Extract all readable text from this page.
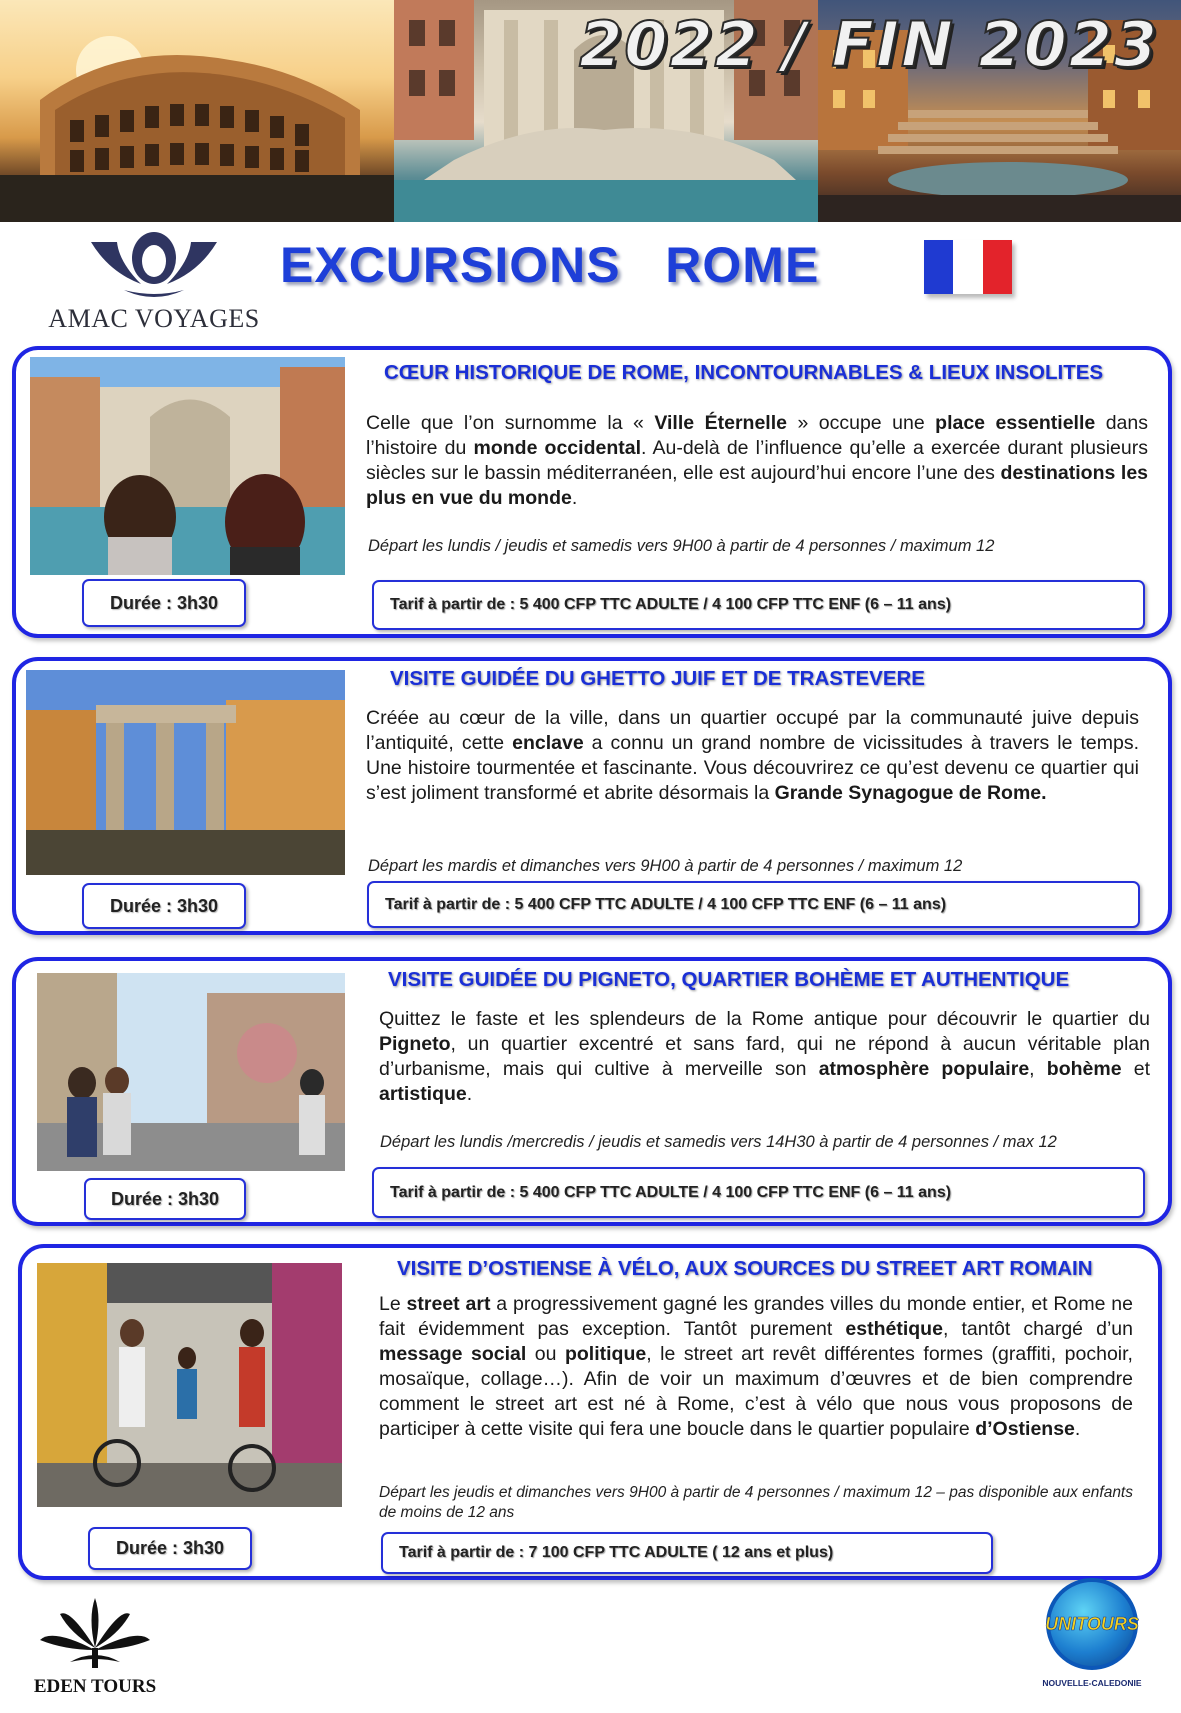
2022 / FIN 2023
AMAC VOYAGES
EXCURSIONS   ROME
CŒUR HISTORIQUE DE ROME, INCONTOURNABLES & LIEUX INSOLITES
Celle que l’on surnomme la « Ville Éternelle » occupe une place essentielle dans l’histoire du monde occidental. Au-delà de l’influence qu’elle a exercée durant plusieurs siècles sur le bassin méditerranéen, elle est aujourd’hui encore l’une des destinations les plus en vue du monde.
Départ les lundis / jeudis et samedis vers 9H00 à partir de 4 personnes / maximum 12
Durée : 3h30	Tarif à partir de : 5 400 CFP TTC ADULTE / 4 100 CFP TTC ENF (6 – 11 ans)
VISITE GUIDÉE DU GHETTO JUIF ET DE TRASTEVERE
Créée au cœur de la ville, dans un quartier occupé par la communauté juive depuis l’antiquité, cette enclave a connu un grand nombre de vicissitudes à travers le temps. Une histoire tourmentée et fascinante. Vous découvrirez ce qu’est devenu ce quartier qui s’est joliment transformé et abrite désormais la Grande Synagogue de Rome.
Départ les mardis et dimanches vers 9H00 à partir de 4 personnes / maximum 12
Durée : 3h30	Tarif à partir de : 5 400 CFP TTC ADULTE / 4 100 CFP TTC ENF (6 – 11 ans)
VISITE GUIDÉE DU PIGNETO, QUARTIER BOHÈME ET AUTHENTIQUE
Quittez le faste et les splendeurs de la Rome antique pour découvrir le quartier du Pigneto, un quartier excentré et sans fard, qui ne répond à aucun véritable plan d’urbanisme, mais qui cultive à merveille son atmosphère populaire, bohème et artistique.
Départ les lundis /mercredis / jeudis et samedis vers 14H30 à partir de 4 personnes / max 12
Durée : 3h30	Tarif à partir de : 5 400 CFP TTC ADULTE / 4 100 CFP TTC ENF (6 – 11 ans)
VISITE D’OSTIENSE À VÉLO, AUX SOURCES DU STREET ART ROMAIN
Le street art a progressivement gagné les grandes villes du monde entier, et Rome ne fait évidemment pas exception. Tantôt purement esthétique, tantôt chargé d’un message social ou politique, le street art revêt différentes formes (graffiti, pochoir, mosaïque, collage…). Afin de voir un maximum d’œuvres et de bien comprendre comment le street art est né à Rome, c’est à vélo que nous vous proposons de participer à cette visite qui fera une boucle dans le quartier populaire d’Ostiense.
Départ les jeudis et dimanches vers 9H00 à partir de 4 personnes / maximum 12 – pas disponible aux enfants de moins de 12 ans
Durée : 3h30	Tarif à partir de : 7 100 CFP TTC ADULTE ( 12 ans et plus)
EDEN TOURS
UNITOURS
NOUVELLE-CALEDONIE
